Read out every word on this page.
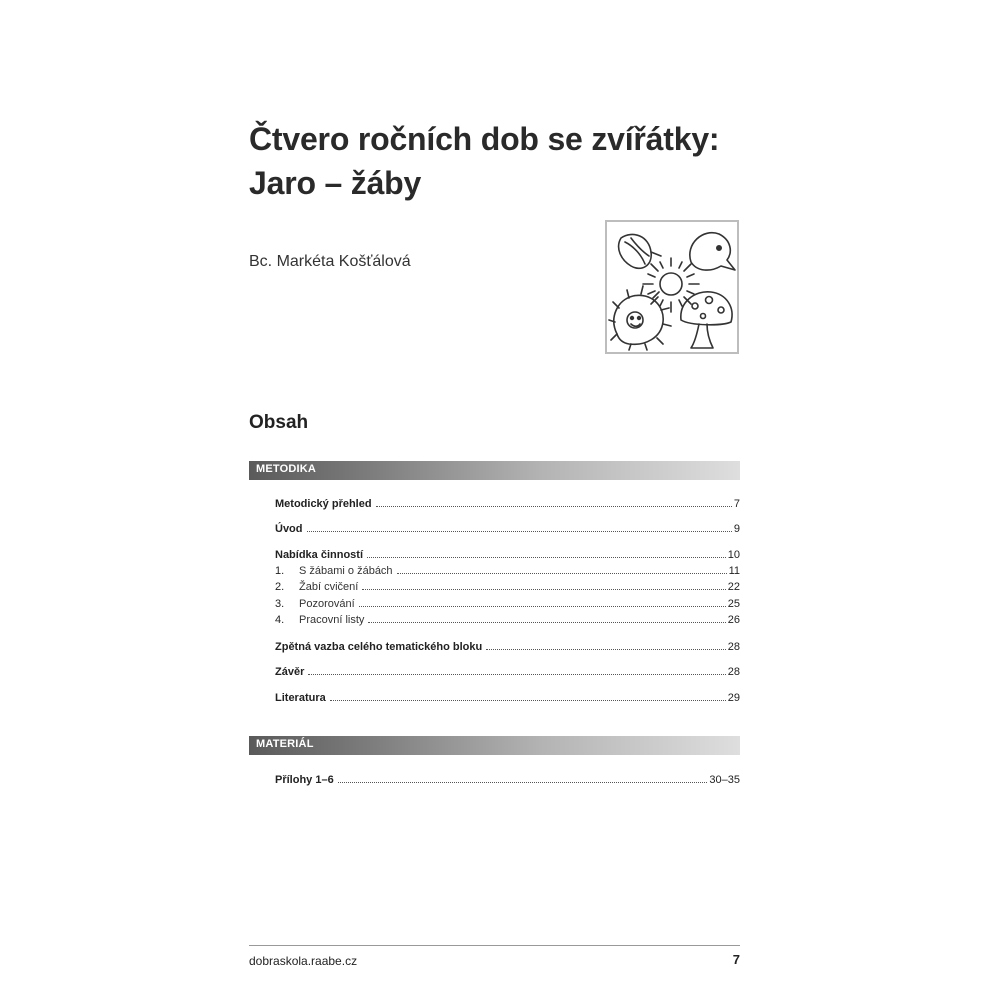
Čtvero ročních dob se zvířátky:
Jaro – žáby

Bc. Markéta Košťálová

Obsah
METODIKA
Metodický přehled	7
Úvod	9
Nabídka činností	10
1.	S žábami o žábách	11
2.	Žabí cvičení	22
3.	Pozorování	25
4.	Pracovní listy	26
Zpětná vazba celého tematického bloku	28
Závěr	28
Literatura	29
MATERIÁL
Přílohy 1–6	30–35

dobraskola.raabe.cz	7
